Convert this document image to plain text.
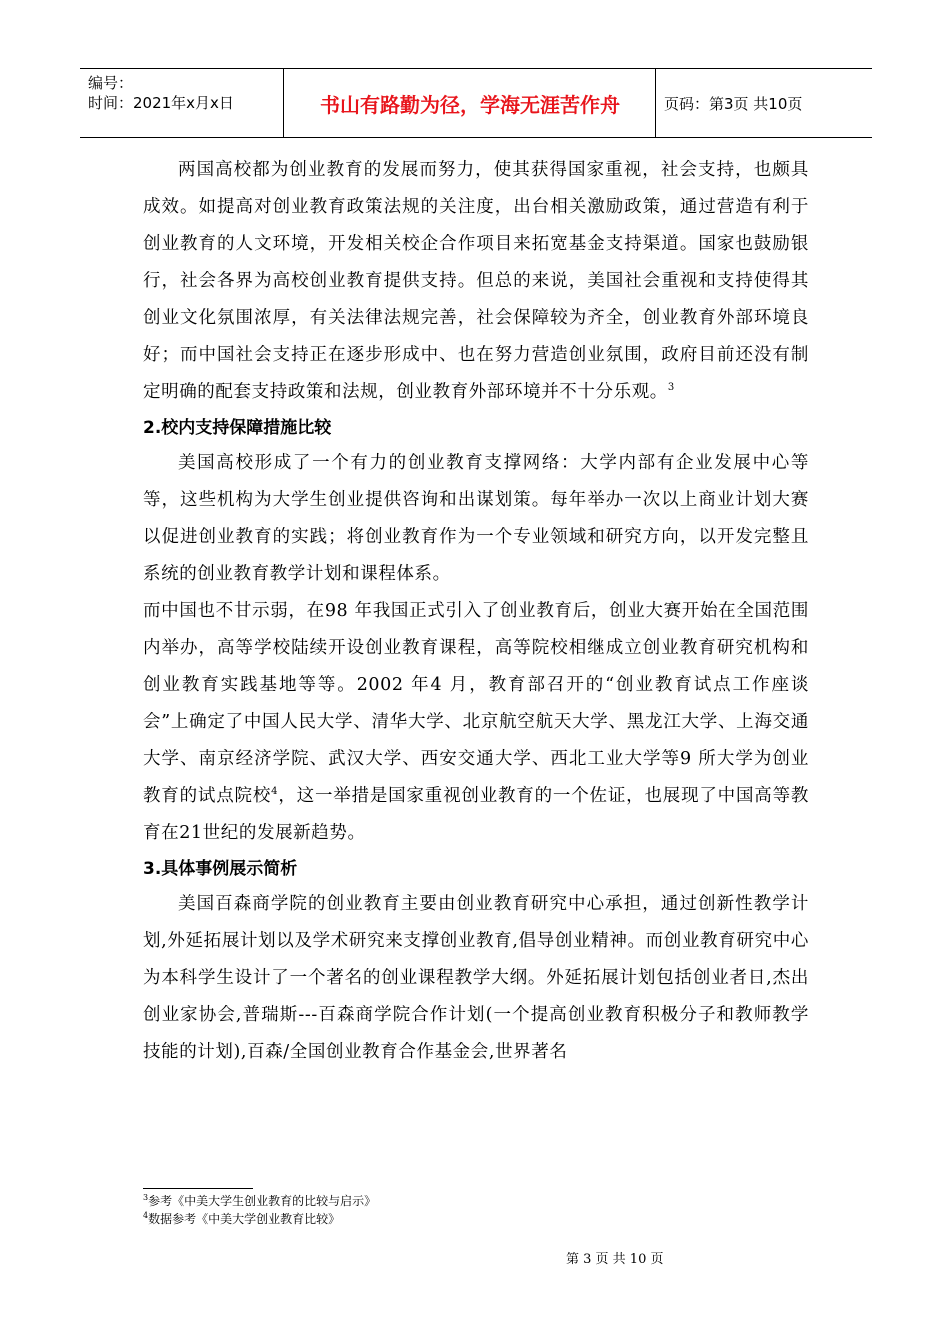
编号：
时间：2021年x月x日	书山有路勤为径，学海无涯苦作舟	页码：第3页 共10页

两国高校都为创业教育的发展而努力，使其获得国家重视，社会支持，也颇具成效。如提高对创业教育政策法规的关注度，出台相关激励政策，通过营造有利于创业教育的人文环境，开发相关校企合作项目来拓宽基金支持渠道。国家也鼓励银行，社会各界为高校创业教育提供支持。但总的来说，美国社会重视和支持使得其创业文化氛围浓厚，有关法律法规完善，社会保障较为齐全，创业教育外部环境良好；而中国社会支持正在逐步形成中、也在努力营造创业氛围，政府目前还没有制定明确的配套支持政策和法规，创业教育外部环境并不十分乐观。$^3$

2.校内支持保障措施比较

美国高校形成了一个有力的创业教育支撑网络：大学内部有企业发展中心等等，这些机构为大学生创业提供咨询和出谋划策。每年举办一次以上商业计划大赛以促进创业教育的实践；将创业教育作为一个专业领域和研究方向，以开发完整且系统的创业教育教学计划和课程体系。

而中国也不甘示弱，在98 年我国正式引入了创业教育后，创业大赛开始在全国范围内举办，高等学校陆续开设创业教育课程，高等院校相继成立创业教育研究机构和创业教育实践基地等等。2002 年4 月，教育部召开的“创业教育试点工作座谈会”上确定了中国人民大学、清华大学、北京航空航天大学、黑龙江大学、上海交通大学、南京经济学院、武汉大学、西安交通大学、西北工业大学等9 所大学为创业教育的试点院校$^4$，这一举措是国家重视创业教育的一个佐证，也展现了中国高等教育在21世纪的发展新趋势。

3.具体事例展示简析

美国百森商学院的创业教育主要由创业教育研究中心承担，通过创新性教学计划,外延拓展计划以及学术研究来支撑创业教育,倡导创业精神。而创业教育研究中心为本科学生设计了一个著名的创业课程教学大纲。外延拓展计划包括创业者日,杰出创业家协会,普瑞斯---百森商学院合作计划(一个提高创业教育积极分子和教师教学技能的计划),百森/全国创业教育合作基金会,世界著名

$^3$参考《中美大学生创业教育的比较与启示》
$^4$数据参考《中美大学创业教育比较》
第 3 页 共 10 页
